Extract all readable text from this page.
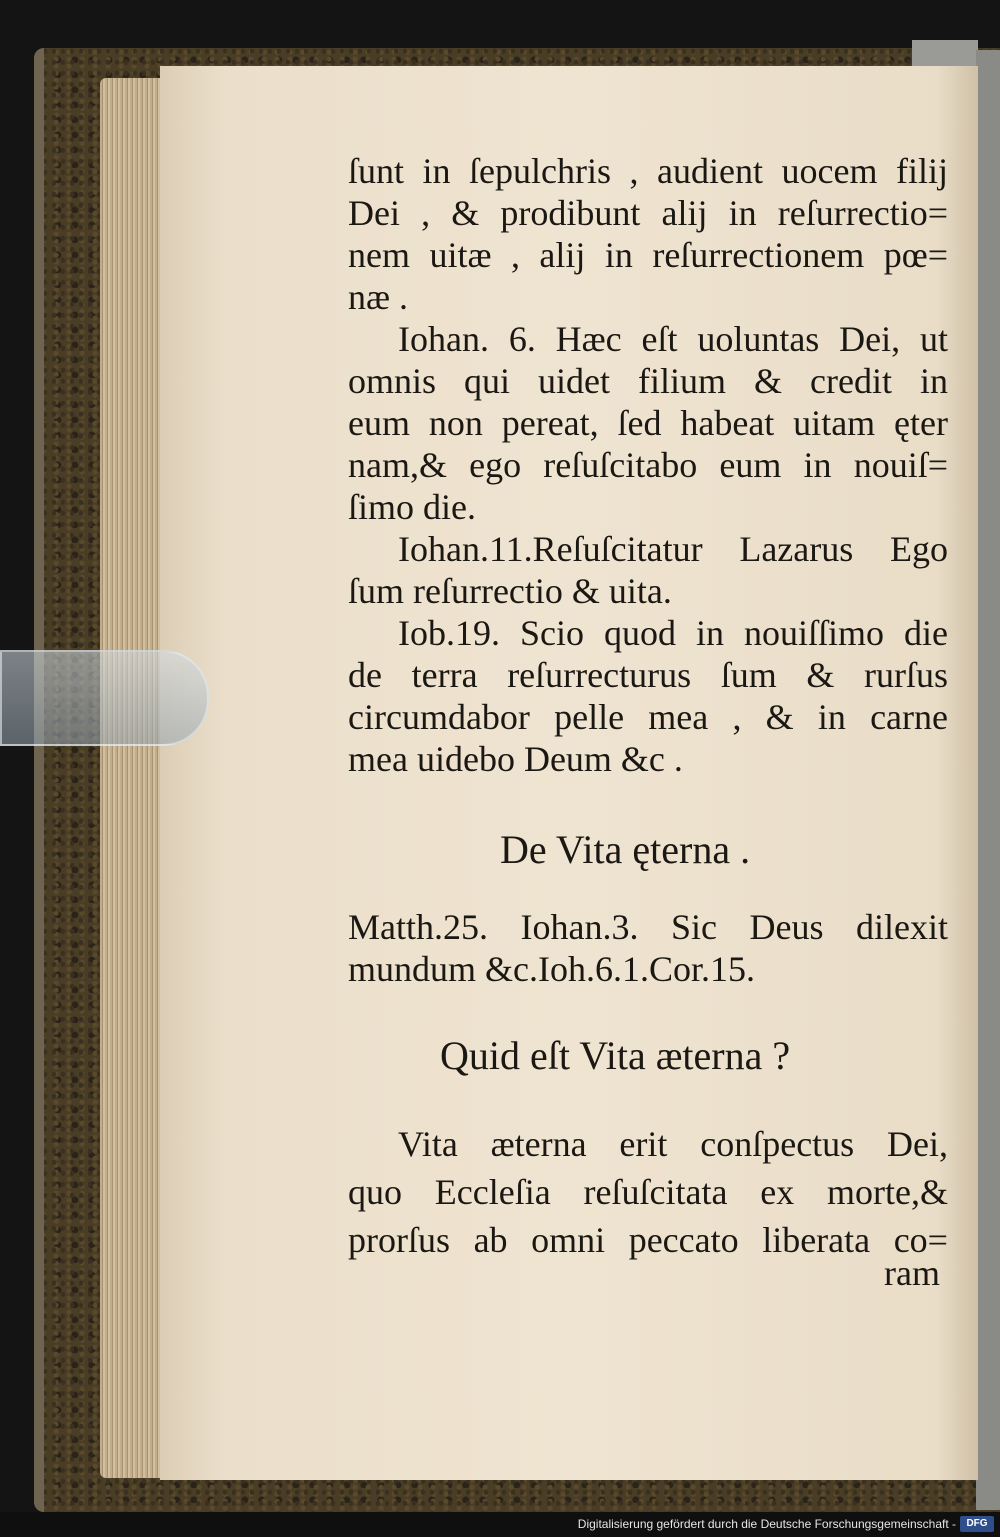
ſunt in ſepulchris , audient uocem filij
Dei , & prodibunt alij in reſurrectio=
nem uitæ , alij in reſurrectionem pœ=
næ .
Iohan. 6. Hæc eſt uoluntas Dei, ut
omnis qui uidet filium & credit in
eum non pereat, ſed habeat uitam ęter
nam,& ego reſuſcitabo eum in nouiſ=
ſimo die.
Iohan.11.Reſuſcitatur Lazarus Ego
ſum reſurrectio & uita.
Iob.19. Scio quod in nouiſſimo die
de terra reſurrecturus ſum & rurſus
circumdabor pelle mea , & in carne
mea uidebo Deum &c .
De Vita ęterna .
Matth.25. Iohan.3. Sic Deus dilexit
mundum &c.Ioh.6.1.Cor.15.
Quid eſt Vita æterna ?
Vita æterna erit conſpectus Dei,
quo Eccleſia reſuſcitata ex morte,&
prorſus ab omni peccato liberata co=
ram
Digitalisierung gefördert durch die Deutsche Forschungsgemeinschaft -	DFG
